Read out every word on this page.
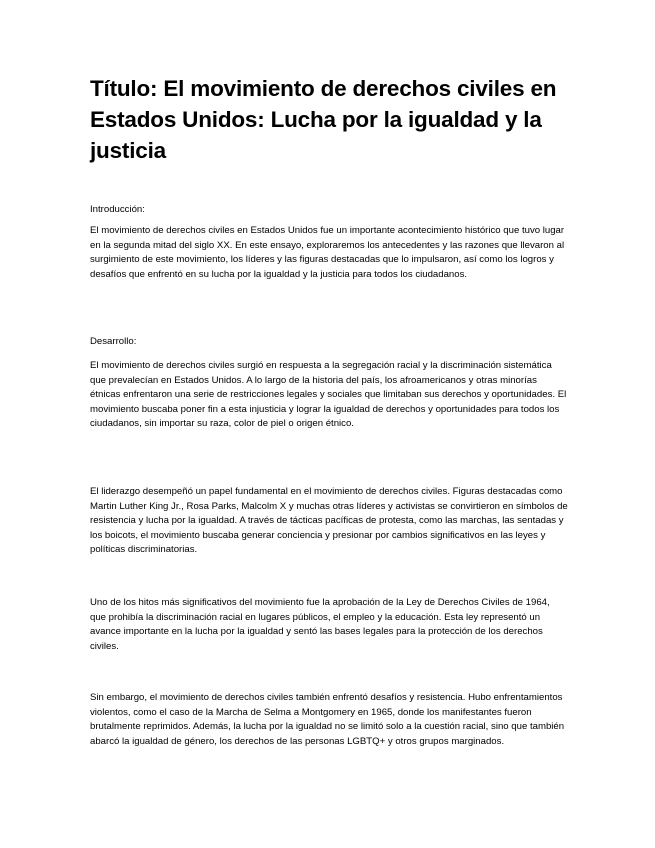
Título: El movimiento de derechos civiles en Estados Unidos: Lucha por la igualdad y la justicia

Introducción:

El movimiento de derechos civiles en Estados Unidos fue un importante acontecimiento histórico que tuvo lugar en la segunda mitad del siglo XX. En este ensayo, exploraremos los antecedentes y las razones que llevaron al surgimiento de este movimiento, los líderes y las figuras destacadas que lo impulsaron, así como los logros y desafíos que enfrentó en su lucha por la igualdad y la justicia para todos los ciudadanos.

Desarrollo:

El movimiento de derechos civiles surgió en respuesta a la segregación racial y la discriminación sistemática que prevalecían en Estados Unidos. A lo largo de la historia del país, los afroamericanos y otras minorías étnicas enfrentaron una serie de restricciones legales y sociales que limitaban sus derechos y oportunidades. El movimiento buscaba poner fin a esta injusticia y lograr la igualdad de derechos y oportunidades para todos los ciudadanos, sin importar su raza, color de piel o origen étnico.

El liderazgo desempeñó un papel fundamental en el movimiento de derechos civiles. Figuras destacadas como Martin Luther King Jr., Rosa Parks, Malcolm X y muchas otras líderes y activistas se convirtieron en símbolos de resistencia y lucha por la igualdad. A través de tácticas pacíficas de protesta, como las marchas, las sentadas y los boicots, el movimiento buscaba generar conciencia y presionar por cambios significativos en las leyes y políticas discriminatorias.

Uno de los hitos más significativos del movimiento fue la aprobación de la Ley de Derechos Civiles de 1964, que prohibía la discriminación racial en lugares públicos, el empleo y la educación. Esta ley representó un avance importante en la lucha por la igualdad y sentó las bases legales para la protección de los derechos civiles.

Sin embargo, el movimiento de derechos civiles también enfrentó desafíos y resistencia. Hubo enfrentamientos violentos, como el caso de la Marcha de Selma a Montgomery en 1965, donde los manifestantes fueron brutalmente reprimidos. Además, la lucha por la igualdad no se limitó solo a la cuestión racial, sino que también abarcó la igualdad de género, los derechos de las personas LGBTQ+ y otros grupos marginados.
